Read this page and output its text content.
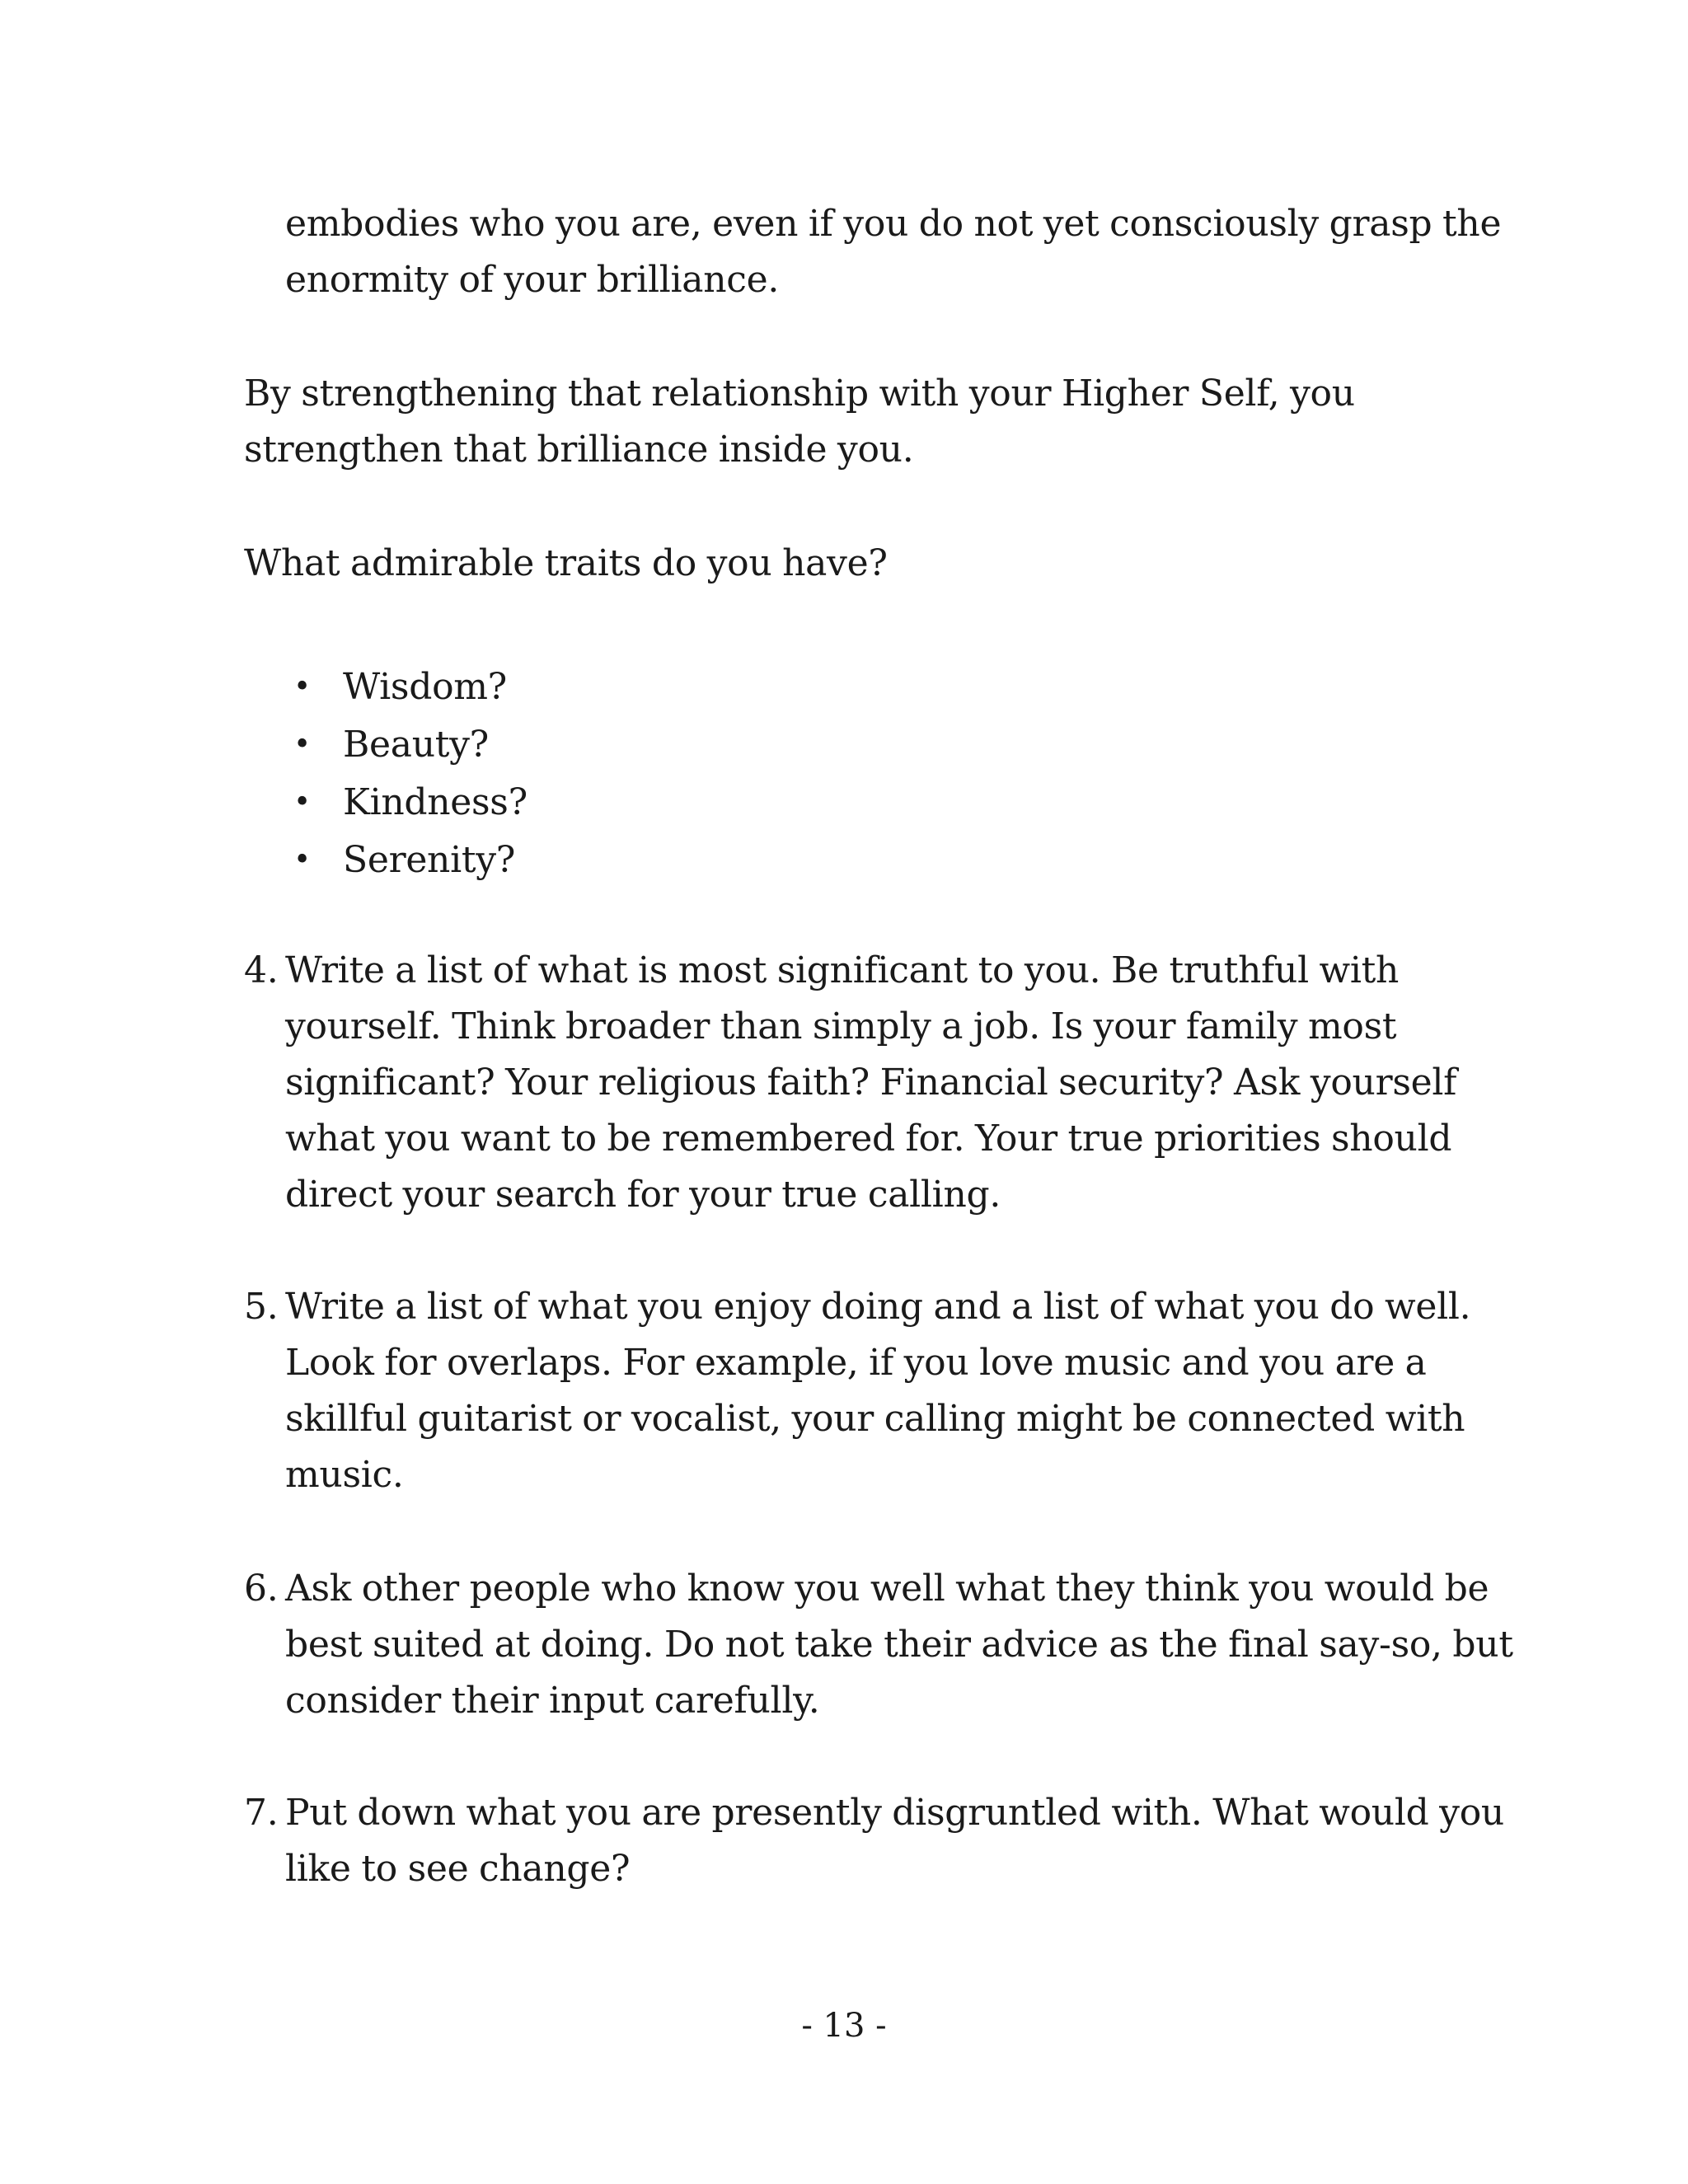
embodies who you are, even if you do not yet consciously grasp the enormity of your brilliance.

By strengthening that relationship with your Higher Self, you strengthen that brilliance inside you.

What admirable traits do you have?

• Wisdom?
• Beauty?
• Kindness?
• Serenity?
4. Write a list of what is most significant to you. Be truthful with yourself. Think broader than simply a job. Is your family most significant? Your religious faith? Financial security? Ask yourself what you want to be remembered for. Your true priorities should direct your search for your true calling.
5. Write a list of what you enjoy doing and a list of what you do well. Look for overlaps. For example, if you love music and you are a skillful guitarist or vocalist, your calling might be connected with music.
6. Ask other people who know you well what they think you would be best suited at doing. Do not take their advice as the final say-so, but consider their input carefully.
7. Put down what you are presently disgruntled with. What would you like to see change?
- 13 -
